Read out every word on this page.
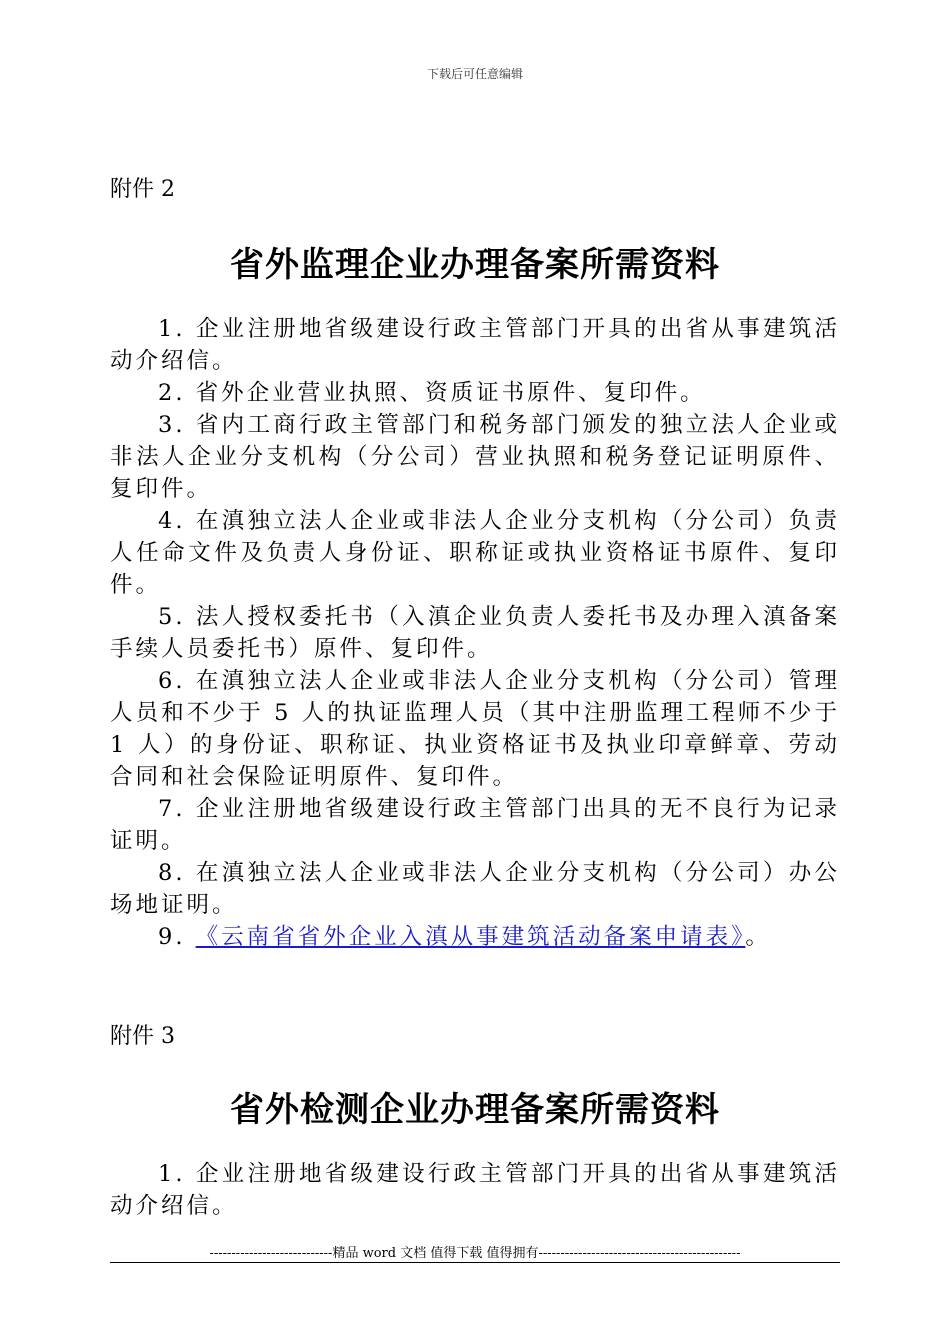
下载后可任意编辑
附件 2
省外监理企业办理备案所需资料

1. 企业注册地省级建设行政主管部门开具的出省从事建筑活动介绍信。

2. 省外企业营业执照、资质证书原件、复印件。

3. 省内工商行政主管部门和税务部门颁发的独立法人企业或非法人企业分支机构（分公司）营业执照和税务登记证明原件、复印件。

4. 在滇独立法人企业或非法人企业分支机构（分公司）负责人任命文件及负责人身份证、职称证或执业资格证书原件、复印件。

5. 法人授权委托书（入滇企业负责人委托书及办理入滇备案手续人员委托书）原件、复印件。

6. 在滇独立法人企业或非法人企业分支机构（分公司）管理人员和不少于 5 人的执证监理人员（其中注册监理工程师不少于 1 人）的身份证、职称证、执业资格证书及执业印章鲜章、劳动合同和社会保险证明原件、复印件。

7. 企业注册地省级建设行政主管部门出具的无不良行为记录证明。

8. 在滇独立法人企业或非法人企业分支机构（分公司）办公场地证明。

9. 《云南省省外企业入滇从事建筑活动备案申请表》。

附件 3
省外检测企业办理备案所需资料

1. 企业注册地省级建设行政主管部门开具的出省从事建筑活动介绍信。

----------------------------精品 word 文档 值得下载 值得拥有----------------------------------------------
